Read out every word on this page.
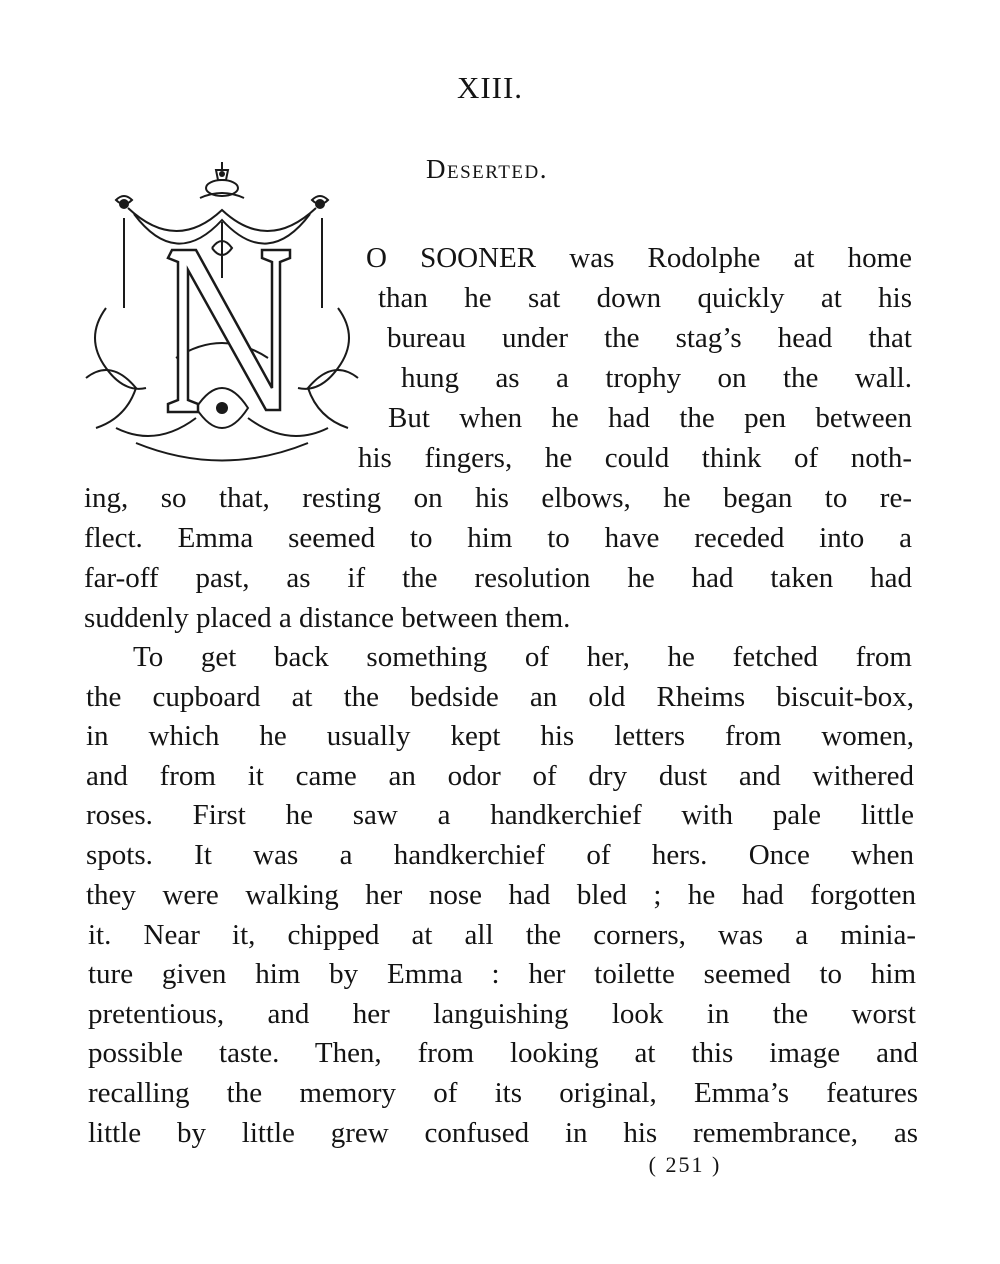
XIII.
Deserted.
O SOONER was Rodolphe at home
than he sat down quickly at his
bureau under the stag’s head that
hung as a trophy on the wall.
But when he had the pen between
his fingers, he could think of noth-
ing, so that, resting on his elbows, he began to re-
flect. Emma seemed to him to have receded into a
far-off past, as if the resolution he had taken had
suddenly placed a distance between them.
To get back something of her, he fetched from
the cupboard at the bedside an old Rheims biscuit-box,
in which he usually kept his letters from women,
and from it came an odor of dry dust and withered
roses. First he saw a handkerchief with pale little
spots. It was a handkerchief of hers. Once when
they were walking her nose had bled ; he had forgotten
it. Near it, chipped at all the corners, was a minia-
ture given him by Emma : her toilette seemed to him
pretentious, and her languishing look in the worst
possible taste. Then, from looking at this image and
recalling the memory of its original, Emma’s features
little by little grew confused in his remembrance, as
( 251 )
